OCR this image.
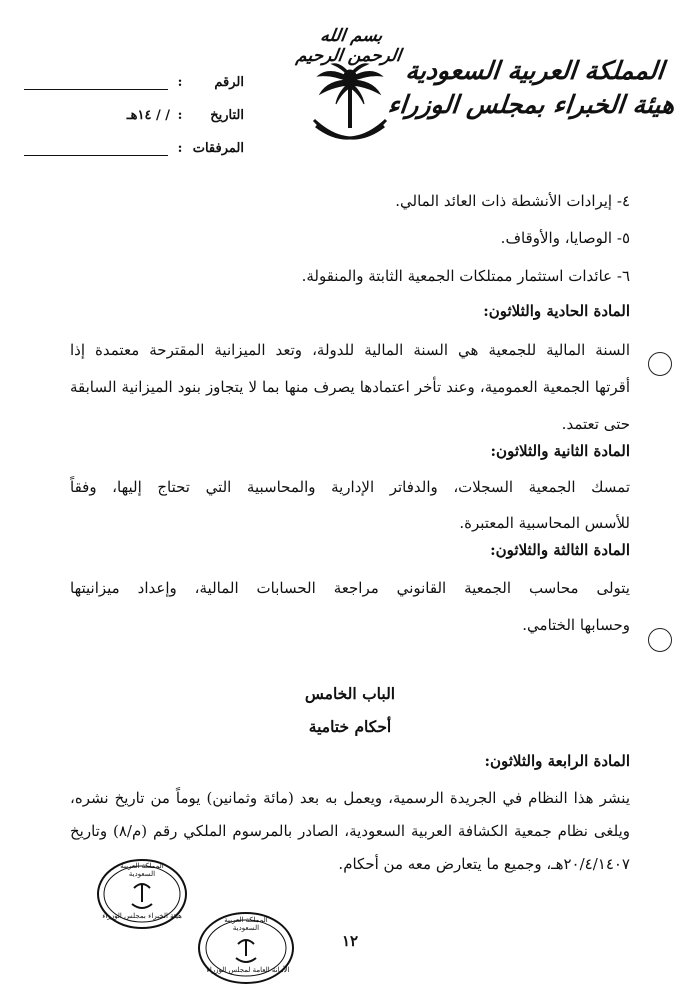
بسم الله الرحمن الرحيم المملكة العربية السعودية
هيئة الخبراء بمجلس الوزراء
الرقم
:
التاريخ
:
/ / ١٤هـ
المرفقات
:
٤- إيرادات الأنشطة ذات العائد المالي.
٥- الوصايا، والأوقاف.
٦- عائدات استثمار ممتلكات الجمعية الثابتة والمنقولة.
المادة الحادية والثلاثون:
السنة المالية للجمعية هي السنة المالية للدولة، وتعد الميزانية المقترحة معتمدة إذا
أقرتها الجمعية العمومية، وعند تأخر اعتمادها يصرف منها بما لا يتجاوز بنود الميزانية السابقة
حتى تعتمد.
المادة الثانية والثلاثون:
تمسك الجمعية السجلات، والدفاتر الإدارية والمحاسبية التي تحتاج إليها، وفقاً
للأسس المحاسبية المعتبرة.
المادة الثالثة والثلاثون:
يتولى محاسب الجمعية القانوني مراجعة الحسابات المالية، وإعداد ميزانيتها
وحسابها الختامي.
الباب الخامس
أحكام ختامية
المادة الرابعة والثلاثون:
ينشر هذا النظام في الجريدة الرسمية، ويعمل به بعد (مائة وثمانين) يوماً من تاريخ نشره،
ويلغى نظام جمعية الكشافة العربية السعودية، الصادر بالمرسوم الملكي رقم (م/٨) وتاريخ
٢٠/٤/١٤٠٧هـ، وجميع ما يتعارض معه من أحكام.
المملكة العربية السعودية
هيئة الخبراء بمجلس الوزراء	المملكة العربية السعودية
الأمانة العامة لمجلس الوزراء
١٢
